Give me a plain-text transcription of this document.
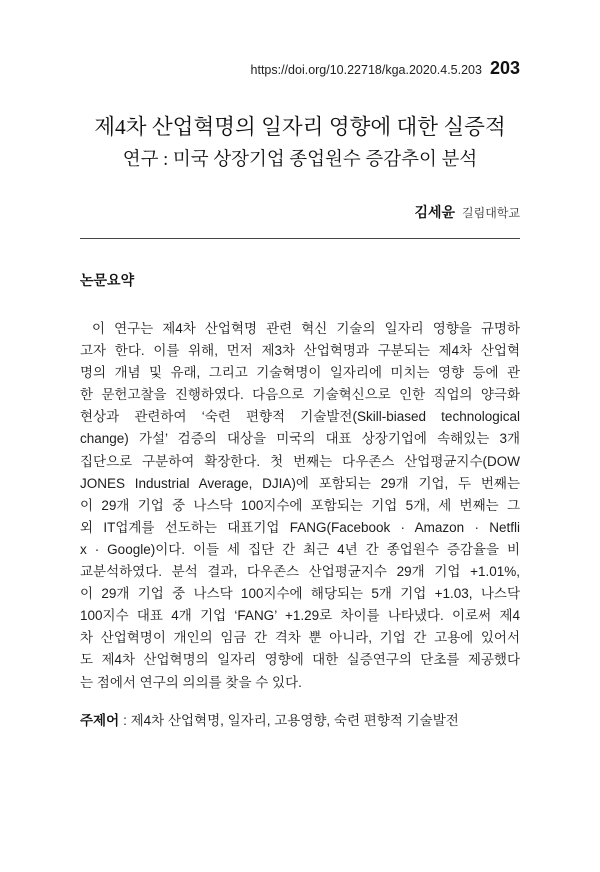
https://doi.org/10.22718/kga.2020.4.5.203 203
제4차 산업혁명의 일자리 영향에 대한 실증적
연구 : 미국 상장기업 종업원수 증감추이 분석
김세윤 길림대학교
논문요약
이 연구는 제4차 산업혁명 관련 혁신 기술의 일자리 영향을 규명하
고자 한다. 이를 위해, 먼저 제3차 산업혁명과 구분되는 제4차 산업혁
명의 개념 및 유래, 그리고 기술혁명이 일자리에 미치는 영향 등에 관
한 문헌고찰을 진행하였다. 다음으로 기술혁신으로 인한 직업의 양극화
현상과 관련하여 ‘숙련 편향적 기술발전(Skill-biased technological
change) 가설’ 검증의 대상을 미국의 대표 상장기업에 속해있는 3개
집단으로 구분하여 확장한다. 첫 번째는 다우존스 산업평균지수(DOW
JONES Industrial Average, DJIA)에 포함되는 29개 기업, 두 번째는
이 29개 기업 중 나스닥 100지수에 포함되는 기업 5개, 세 번째는 그
외 IT업계를 선도하는 대표기업 FANG(Facebook · Amazon · Netfli
x · Google)이다. 이들 세 집단 간 최근 4년 간 종업원수 증감율을 비
교분석하였다. 분석 결과, 다우존스 산업평균지수 29개 기업 +1.01%,
이 29개 기업 중 나스닥 100지수에 해당되는 5개 기업 +1.03, 나스닥
100지수 대표 4개 기업 ‘FANG’ +1.29로 차이를 나타냈다. 이로써 제4
차 산업혁명이 개인의 임금 간 격차 뿐 아니라, 기업 간 고용에 있어서
도 제4차 산업혁명의 일자리 영향에 대한 실증연구의 단초를 제공했다
는 점에서 연구의 의의를 찾을 수 있다.
주제어 : 제4차 산업혁명, 일자리, 고용영향, 숙련 편향적 기술발전
